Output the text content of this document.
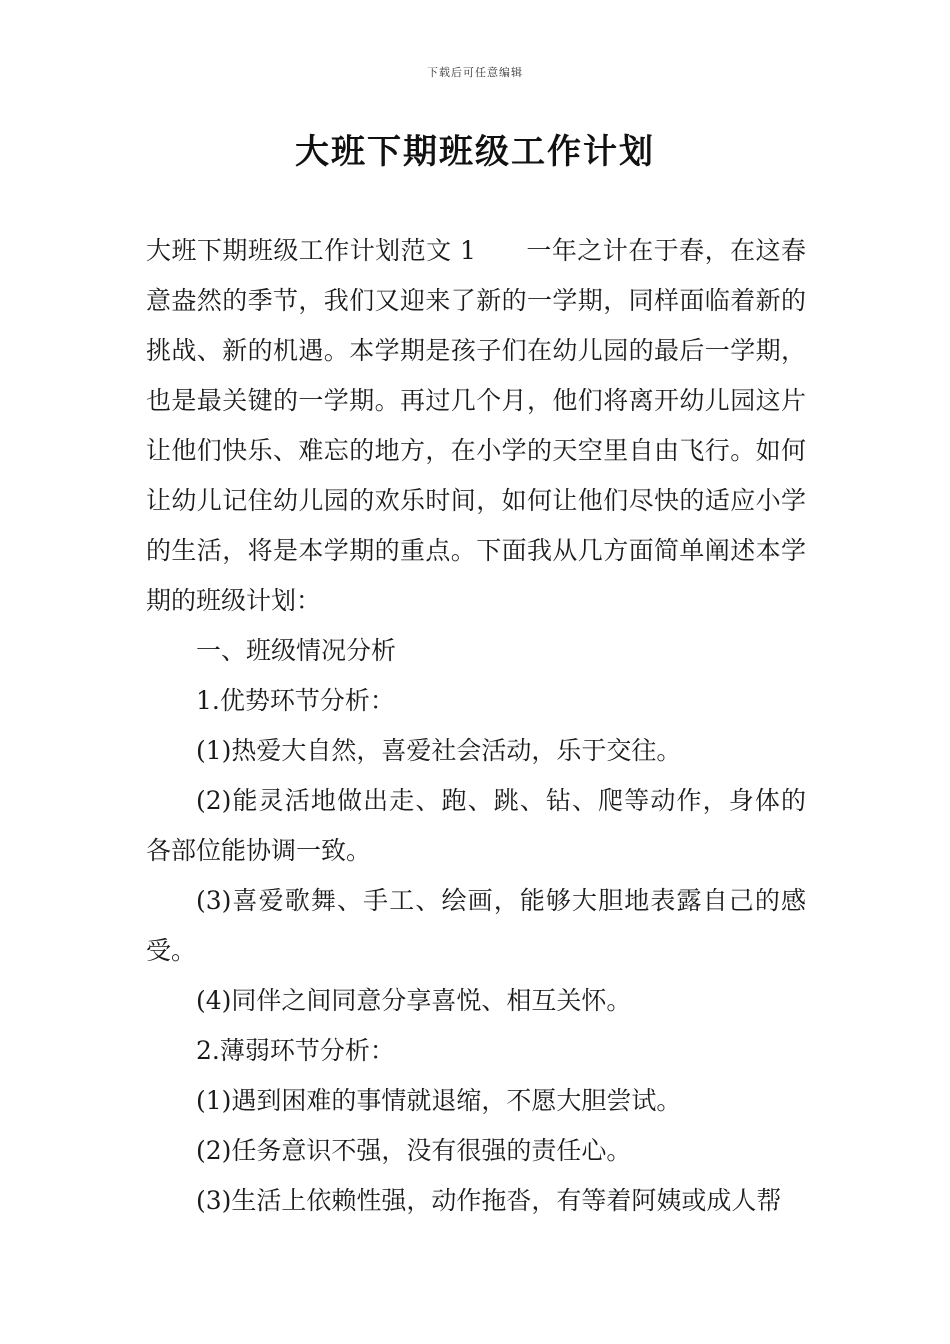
下载后可任意编辑
大班下期班级工作计划

大班下期班级工作计划范文 1 一年之计在于春，在这春意盎然的季节，我们又迎来了新的一学期，同样面临着新的挑战、新的机遇。本学期是孩子们在幼儿园的最后一学期，也是最关键的一学期。再过几个月，他们将离开幼儿园这片让他们快乐、难忘的地方，在小学的天空里自由飞行。如何让幼儿记住幼儿园的欢乐时间，如何让他们尽快的适应小学的生活，将是本学期的重点。下面我从几方面简单阐述本学期的班级计划：

一、班级情况分析

1.优势环节分析：

(1)热爱大自然，喜爱社会活动，乐于交往。

(2)能灵活地做出走、跑、跳、钻、爬等动作，身体的各部位能协调一致。

(3)喜爱歌舞、手工、绘画，能够大胆地表露自己的感受。

(4)同伴之间同意分享喜悦、相互关怀。

2.薄弱环节分析：

(1)遇到困难的事情就退缩，不愿大胆尝试。

(2)任务意识不强，没有很强的责任心。

(3)生活上依赖性强，动作拖沓，有等着阿姨或成人帮
